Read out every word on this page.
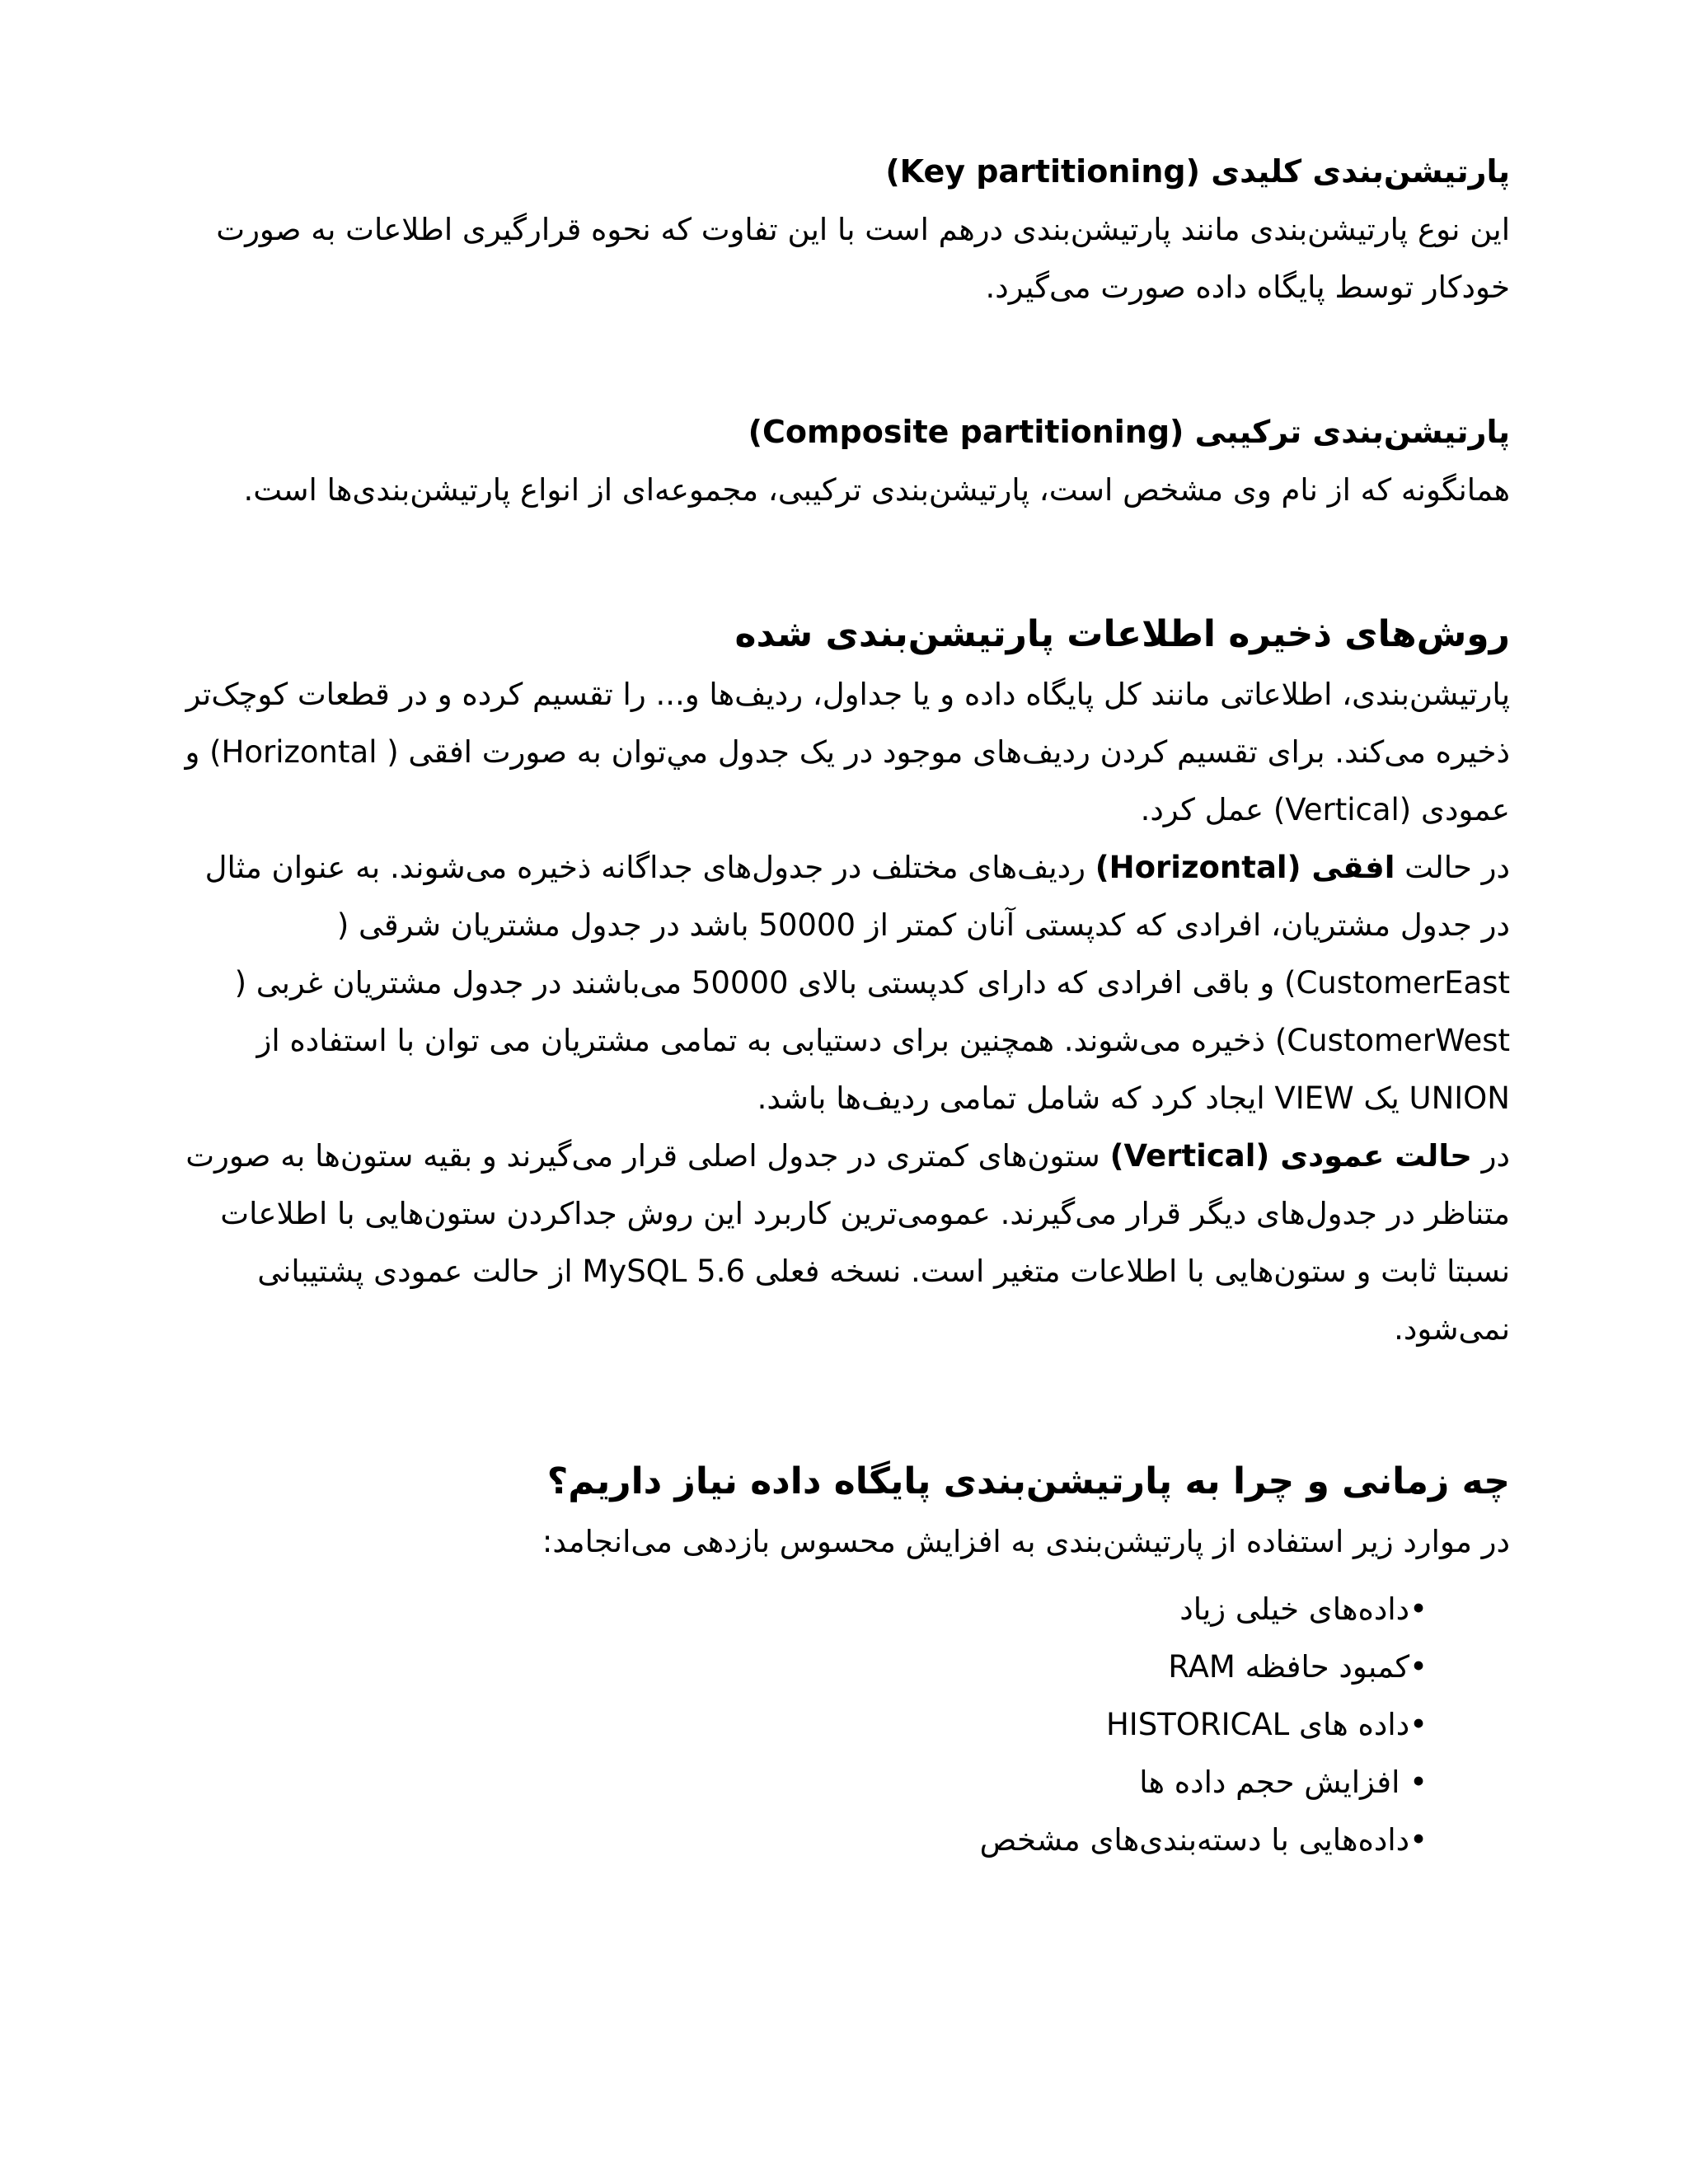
پارتیشن‌بندی کلیدی (Key partitioning)

این نوع پارتیشن‌بندی مانند پارتیشن‌بندی درهم است با این تفاوت که نحوه قرارگیری اطلاعات به صورت خودکار توسط پایگاه داده صورت می‌گیرد.

پارتیشن‌بندی ترکیبی (Composite partitioning)

همانگونه که از نام وی مشخص است، پارتیشن‌بندی ترکیبی، مجموعه‌ای از انواع پارتیشن‌بندی‌ها است.

روش‌های ذخیره اطلاعات پارتیشن‌بندی شده

پارتیشن‌بندی، اطلاعاتی مانند کل پایگاه داده و یا جداول، ردیف‌ها و... را تقسیم کرده و در قطعات کوچک‌تر ذخیره می‌کند. برای تقسیم کردن ردیف‌های موجود در یک جدول مي‌توان به صورت افقی ( Horizontal) و عمودی (Vertical) عمل کرد.

در حالت افقی (Horizontal) ردیف‌های مختلف در جدول‌های جداگانه ذخیره می‌شوند. به عنوان مثال در جدول مشتریان، افرادی که کدپستی آنان کمتر از 50000 باشد در جدول مشتریان شرقی ( CustomerEast) و باقی افرادی که دارای کدپستی بالای 50000 می‌باشند در جدول مشتریان غربی ( CustomerWest) ذخیره می‌شوند. همچنین برای دستیابی به تمامی مشتریان می توان با استفاده از UNION یک VIEW ایجاد کرد که شامل تمامی ردیف‌ها باشد.

در حالت عمودی (Vertical) ستون‌های کمتری در جدول اصلی قرار می‌گیرند و بقیه ستون‌ها به صورت متناظر در جدول‌های دیگر قرار می‌گیرند. عمومی‌ترین کاربرد این روش جداکردن ستون‌هایی با اطلاعات نسبتا ثابت و ستون‌هایی با اطلاعات متغیر است. نسخه فعلی MySQL 5.6 از حالت عمودی پشتیبانی نمی‌شود.

چه زمانی و چرا به پارتیشن‌بندی پایگاه داده نیاز داریم؟

در موارد زیر استفاده از پارتیشن‌بندی به افزایش محسوس بازدهی می‌انجامد:

•داده‌های خیلی زیاد
•کمبود حافظه RAM
•داده های HISTORICAL
• افزایش حجم داده ها
•داده‌هایی با دسته‌بندی‌های مشخص
